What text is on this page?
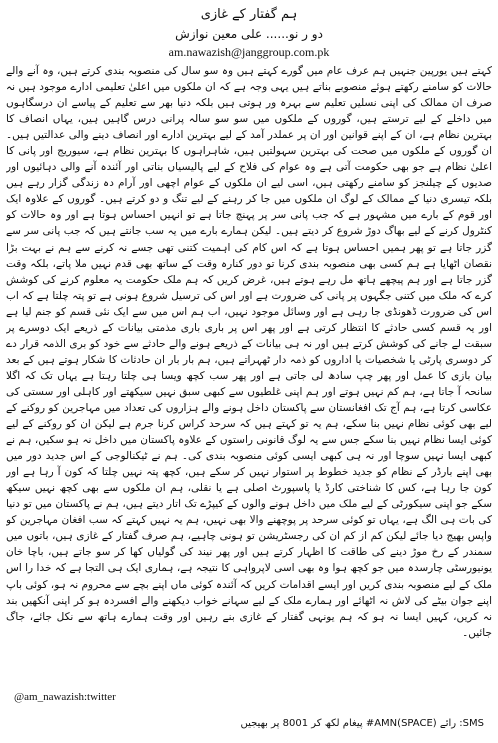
ہم گفتار کے غازی
دو ر نو...... علی معین نوازش
am.nawazish@janggroup.com.pk

کہتے ہیں یورپین جنہیں ہم عرف عام میں گورے کہتے ہیں وہ سو سال کی منصوبہ بندی کرتے ہیں، وہ آنے والے حالات کو سامنے رکھتے ہوئے منصوبے بناتے ہیں یہی وجہ ہے کہ ان ملکوں میں اعلیٰ تعلیمی ادارے موجود ہیں نہ صرف ان ممالک کی اپنی نسلیں تعلیم سے بہرہ ور ہوتی ہیں بلکہ دنیا بھر سے تعلیم کے پیاسے ان درسگاہوں میں داخلے کے لیے ترستے ہیں، گوروں کے ملکوں میں سو سو سالہ پرانی درس گاہیں ہیں، یہاں انصاف کا بہترین نظام ہے، ان کے اپنے قوانین اور ان پر عملدر آمد کے لیے بہترین ادارے اور انصاف دینے والی عدالتیں ہیں۔ ان گوروں کے ملکوں میں صحت کی بہترین سہولتیں ہیں، شاہراہوں کا بہترین نظام ہے، سیوریج اور پانی کا اعلیٰ نظام ہے جو بھی حکومت آتی ہے وہ عوام کی فلاح کے لیے پالیسیاں بناتی اور آئندہ آنے والی دہائیوں اور صدیوں کے چیلنجز کو سامنے رکھتی ہیں، اسی لیے ان ملکوں کے عوام اچھی اور آرام دہ زندگی گزار رہے ہیں بلکہ تیسری دنیا کے ممالک کے لوگ ان ملکوں میں جا کر رہنے کے لیے تنگ و دو کرتے ہیں۔ گوروں کے علاوہ ایک اور قوم کے بارے میں مشہور ہے کہ جب پانی سر پر پہنچ جاتا ہے تو انہیں احساس ہوتا ہے اور وہ حالات کو کنٹرول کرنے کے لیے بھاگ دوڑ شروع کر دیتے ہیں۔ لیکن ہمارے بارے میں یہ سب جانتے ہیں کہ جب پانی سر سے گزر جاتا ہے تو پھر ہمیں احساس ہوتا ہے کہ اس کام کی اہمیت کتنی تھی جسے نہ کرنے سے ہم نے بہت بڑا نقصان اٹھایا ہے ہم کسی بھی منصوبہ بندی کرنا تو دور کنارہ وقت کے ساتھ بھی قدم نہیں ملا پاتے، بلکہ وقت گزر جاتا ہے اور ہم پیچھے ہاتھ مل رہے ہوتے ہیں، غرض کریں کہ ہم ملک حکومت یہ معلوم کرنے کی کوشش کرے کہ ملک میں کتنی جگہوں پر پانی کی ضرورت ہے اور اس کی ترسیل شروع ہونی ہے تو پتہ چلتا ہے کہ اب اس کی ضرورت ڈھونڈی جا رہی ہے اور وسائل موجود نہیں، اب ہم اس میں سے ایک نئی قسم کو جنم لیا ہے اور یہ قسم کسی حادثے کا انتظار کرتی ہے اور پھر اس پر باری باری مذمتی بیانات کے ذریعے ایک دوسرے پر سبقت لے جانے کی کوشش کرتے ہیں اور نہ ہی بیانات کے ذریعے ہونے والے حادثے سے خود کو بری الذمہ قرار دے کر دوسری پارٹی یا شخصیات یا اداروں کو ذمہ دار ٹھہراتے ہیں، ہم بار بار ان حادثات کا شکار ہوتے ہیں کے بعد بیان بازی کا عمل اور پھر چپ سادھ لی جاتی ہے اور پھر سب کچھ ویسا ہی چلتا رہتا ہے یہاں تک کہ اگلا سانحہ آ جاتا ہے، ہم کم نہیں ہوتے اور ہم اپنی غلطیوں سے کبھی سبق نہیں سیکھتے اور کاہلی اور سستی کی عکاسی کرتا ہے، ہم آج تک افغانستان سے پاکستان داخل ہونے والے ہزاروں کی تعداد میں مہاجرین کو روکنے کے لیے بھی کوئی نظام نہیں بنا سکے، ہم یہ تو کہتے ہیں کہ سرحد کراس کرنا جرم ہے لیکن ان کو روکنے کے لیے کوئی ایسا نظام نہیں بنا سکے جس سے یہ لوگ قانونی راستوں کے علاوہ پاکستان میں داخل نہ ہو سکیں، ہم نے کبھی ایسا نہیں سوچا اور نہ ہی کبھی ایسی کوئی منصوبہ بندی کی۔ ہم نے ٹیکنالوجی کے اس جدید دور میں بھی اپنے بارڈر کے نظام کو جدید خطوط پر استوار نہیں کر سکے ہیں، کچھ پتہ نہیں چلتا کہ کون آ رہا ہے اور کون جا رہا ہے، کس کا شناختی کارڈ یا پاسپورٹ اصلی ہے یا نقلی، ہم ان ملکوں سے بھی کچھ نہیں سیکھ سکے جو اپنی سیکورٹی کے لیے ملک میں داخل ہونے والوں کے کیپڑے تک اتار دیتے ہیں، ہم نے پاکستان میں تو دنیا کی بات ہی الگ ہے، یہاں تو کوئی سرحد پر پوچھنے والا بھی نہیں، ہم یہ نہیں کہتے کہ سب افغان مہاجرین کو واپس بھیج دیا جائے لیکن کم از کم ان کی رجسٹریشن تو ہونی چاہیے، ہم صرف گفتار کے غازی ہیں، باتوں میں سمندر کے رخ موڑ دینے کی طاقت کا اظہار کرتے ہیں اور پھر نیند کی گولیاں کھا کر سو جاتے ہیں، باچا خان یونیورسٹی چارسدہ میں جو کچھ ہوا وہ بھی اسی لاپرواہی کا نتیجہ ہے، ہماری ایک ہی التجا ہے کہ خدا را اس ملک کے لیے منصوبہ بندی کریں اور ایسے اقدامات کریں کہ آئندہ کوئی ماں اپنے بچے سے محروم نہ ہو، کوئی باپ اپنے جوان بیٹے کی لاش نہ اٹھائے اور ہمارے ملک کے لیے سہانے خواب دیکھنے والے افسردہ ہو کر اپنی آنکھیں بند نہ کریں، کہیں ایسا نہ ہو کہ ہم یونہی گفتار کے غازی بنے رہیں اور وقت ہمارے ہاتھ سے نکل جائے، جاگ جائیں۔

@am_nawazish:twitter
SMS: رائے (SPACE)AMN# پیغام لکھ کر 8001 پر بھیجیں
